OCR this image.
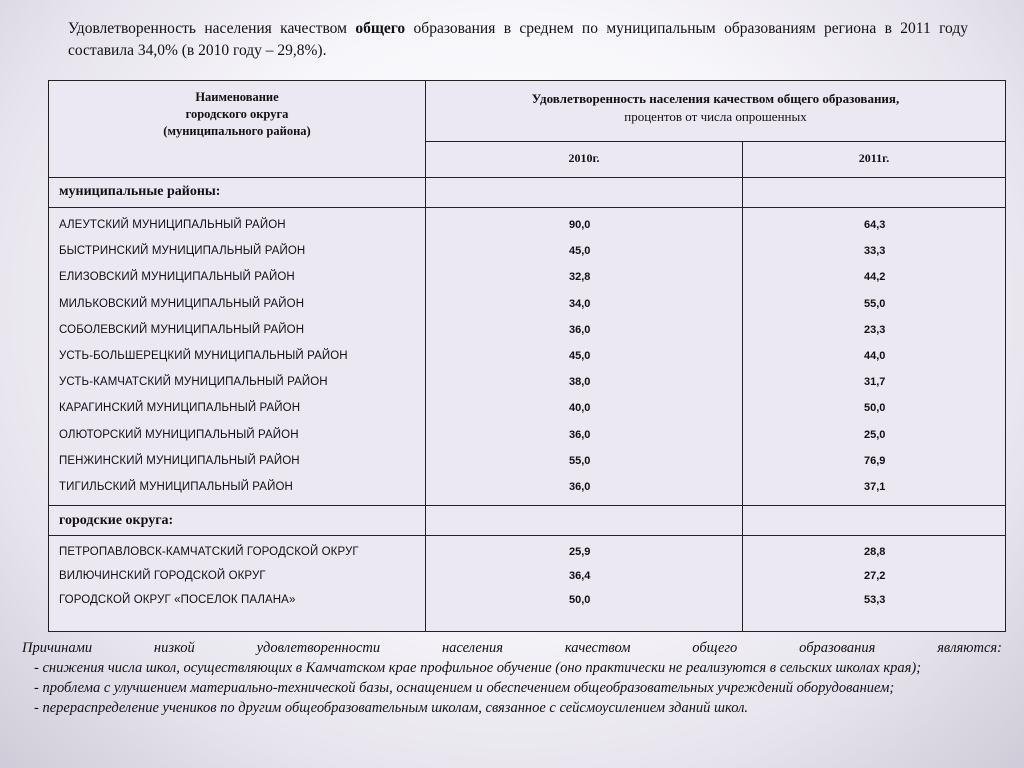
Удовлетворенность населения качеством общего образования в среднем по муниципальным образованиям региона в 2011 году составила 34,0% (в 2010 году – 29,8%).
Наименование
городского округа
(муниципального района)
Удовлетворенность населения качеством общего образования,
процентов от числа опрошенных
2010г.	2011г.
муниципальные районы:
АЛЕУТСКИЙ МУНИЦИПАЛЬНЫЙ РАЙОН	90,0	64,3
БЫСТРИНСКИЙ МУНИЦИПАЛЬНЫЙ РАЙОН	45,0	33,3
ЕЛИЗОВСКИЙ МУНИЦИПАЛЬНЫЙ РАЙОН	32,8	44,2
МИЛЬКОВСКИЙ МУНИЦИПАЛЬНЫЙ РАЙОН	34,0	55,0
СОБОЛЕВСКИЙ МУНИЦИПАЛЬНЫЙ РАЙОН	36,0	23,3
УСТЬ-БОЛЬШЕРЕЦКИЙ МУНИЦИПАЛЬНЫЙ РАЙОН	45,0	44,0
УСТЬ-КАМЧАТСКИЙ МУНИЦИПАЛЬНЫЙ РАЙОН	38,0	31,7
КАРАГИНСКИЙ МУНИЦИПАЛЬНЫЙ РАЙОН	40,0	50,0
ОЛЮТОРСКИЙ МУНИЦИПАЛЬНЫЙ РАЙОН	36,0	25,0
ПЕНЖИНСКИЙ МУНИЦИПАЛЬНЫЙ РАЙОН	55,0	76,9
ТИГИЛЬСКИЙ МУНИЦИПАЛЬНЫЙ РАЙОН	36,0	37,1
городские округа:
ПЕТРОПАВЛОВСК-КАМЧАТСКИЙ ГОРОДСКОЙ ОКРУГ	25,9	28,8
ВИЛЮЧИНСКИЙ ГОРОДСКОЙ ОКРУГ	36,4	27,2
ГОРОДСКОЙ ОКРУГ «ПОСЕЛОК ПАЛАНА»	50,0	53,3

Причинами низкой удовлетворенности населения качеством общего образования являются:

- снижения числа школ, осуществляющих в Камчатском крае профильное обучение (оно практически не реализуются в сельских школах края);

- проблема с улучшением материально-технической базы, оснащением и обеспечением общеобразовательных учреждений оборудованием;

- перераспределение учеников по другим общеобразовательным школам, связанное с сейсмоусилением зданий школ.
